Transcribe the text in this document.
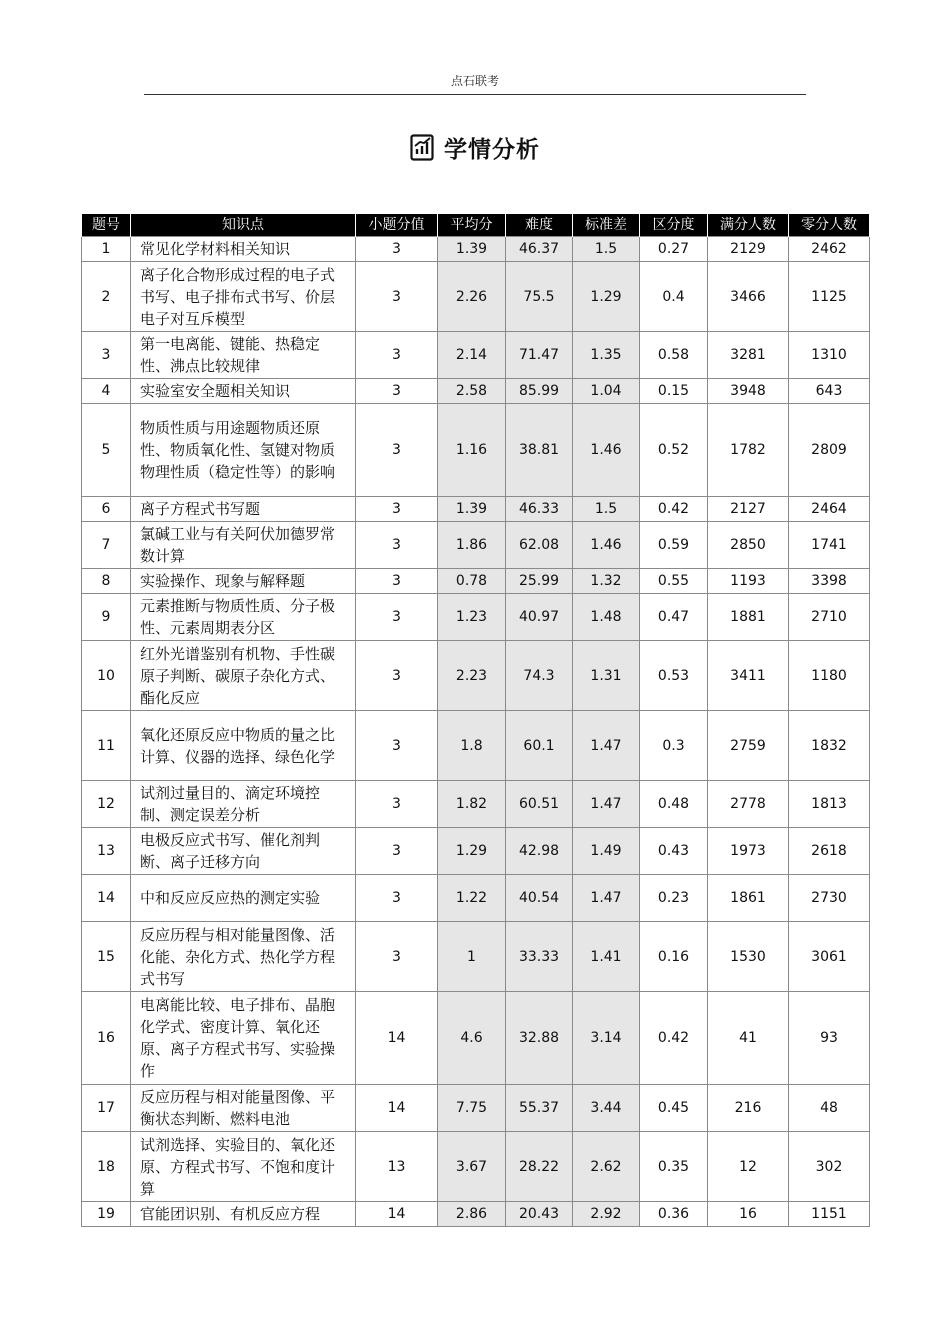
点石联考
学情分析
题号	知识点	小题分值	平均分	难度	标准差	区分度	满分人数	零分人数
1	常见化学材料相关知识	3	1.39	46.37	1.5	0.27	2129	2462
2	离子化合物形成过程的电子式书写、电子排布式书写、价层电子对互斥模型	3	2.26	75.5	1.29	0.4	3466	1125
3	第一电离能、键能、热稳定性、沸点比较规律	3	2.14	71.47	1.35	0.58	3281	1310
4	实验室安全题相关知识	3	2.58	85.99	1.04	0.15	3948	643
5	物质性质与用途题物质还原性、物质氧化性、氢键对物质物理性质（稳定性等）的影响	3	1.16	38.81	1.46	0.52	1782	2809
6	离子方程式书写题	3	1.39	46.33	1.5	0.42	2127	2464
7	氯碱工业与有关阿伏加德罗常数计算	3	1.86	62.08	1.46	0.59	2850	1741
8	实验操作、现象与解释题	3	0.78	25.99	1.32	0.55	1193	3398
9	元素推断与物质性质、分子极性、元素周期表分区	3	1.23	40.97	1.48	0.47	1881	2710
10	红外光谱鉴别有机物、手性碳原子判断、碳原子杂化方式、酯化反应	3	2.23	74.3	1.31	0.53	3411	1180
11	氧化还原反应中物质的量之比计算、仪器的选择、绿色化学	3	1.8	60.1	1.47	0.3	2759	1832
12	试剂过量目的、滴定环境控制、测定误差分析	3	1.82	60.51	1.47	0.48	2778	1813
13	电极反应式书写、催化剂判断、离子迁移方向	3	1.29	42.98	1.49	0.43	1973	2618
14	中和反应反应热的测定实验	3	1.22	40.54	1.47	0.23	1861	2730
15	反应历程与相对能量图像、活化能、杂化方式、热化学方程式书写	3	1	33.33	1.41	0.16	1530	3061
16	电离能比较、电子排布、晶胞化学式、密度计算、氧化还原、离子方程式书写、实验操作	14	4.6	32.88	3.14	0.42	41	93
17	反应历程与相对能量图像、平衡状态判断、燃料电池	14	7.75	55.37	3.44	0.45	216	48
18	试剂选择、实验目的、氧化还原、方程式书写、不饱和度计算	13	3.67	28.22	2.62	0.35	12	302
19	官能团识别、有机反应方程	14	2.86	20.43	2.92	0.36	16	1151
